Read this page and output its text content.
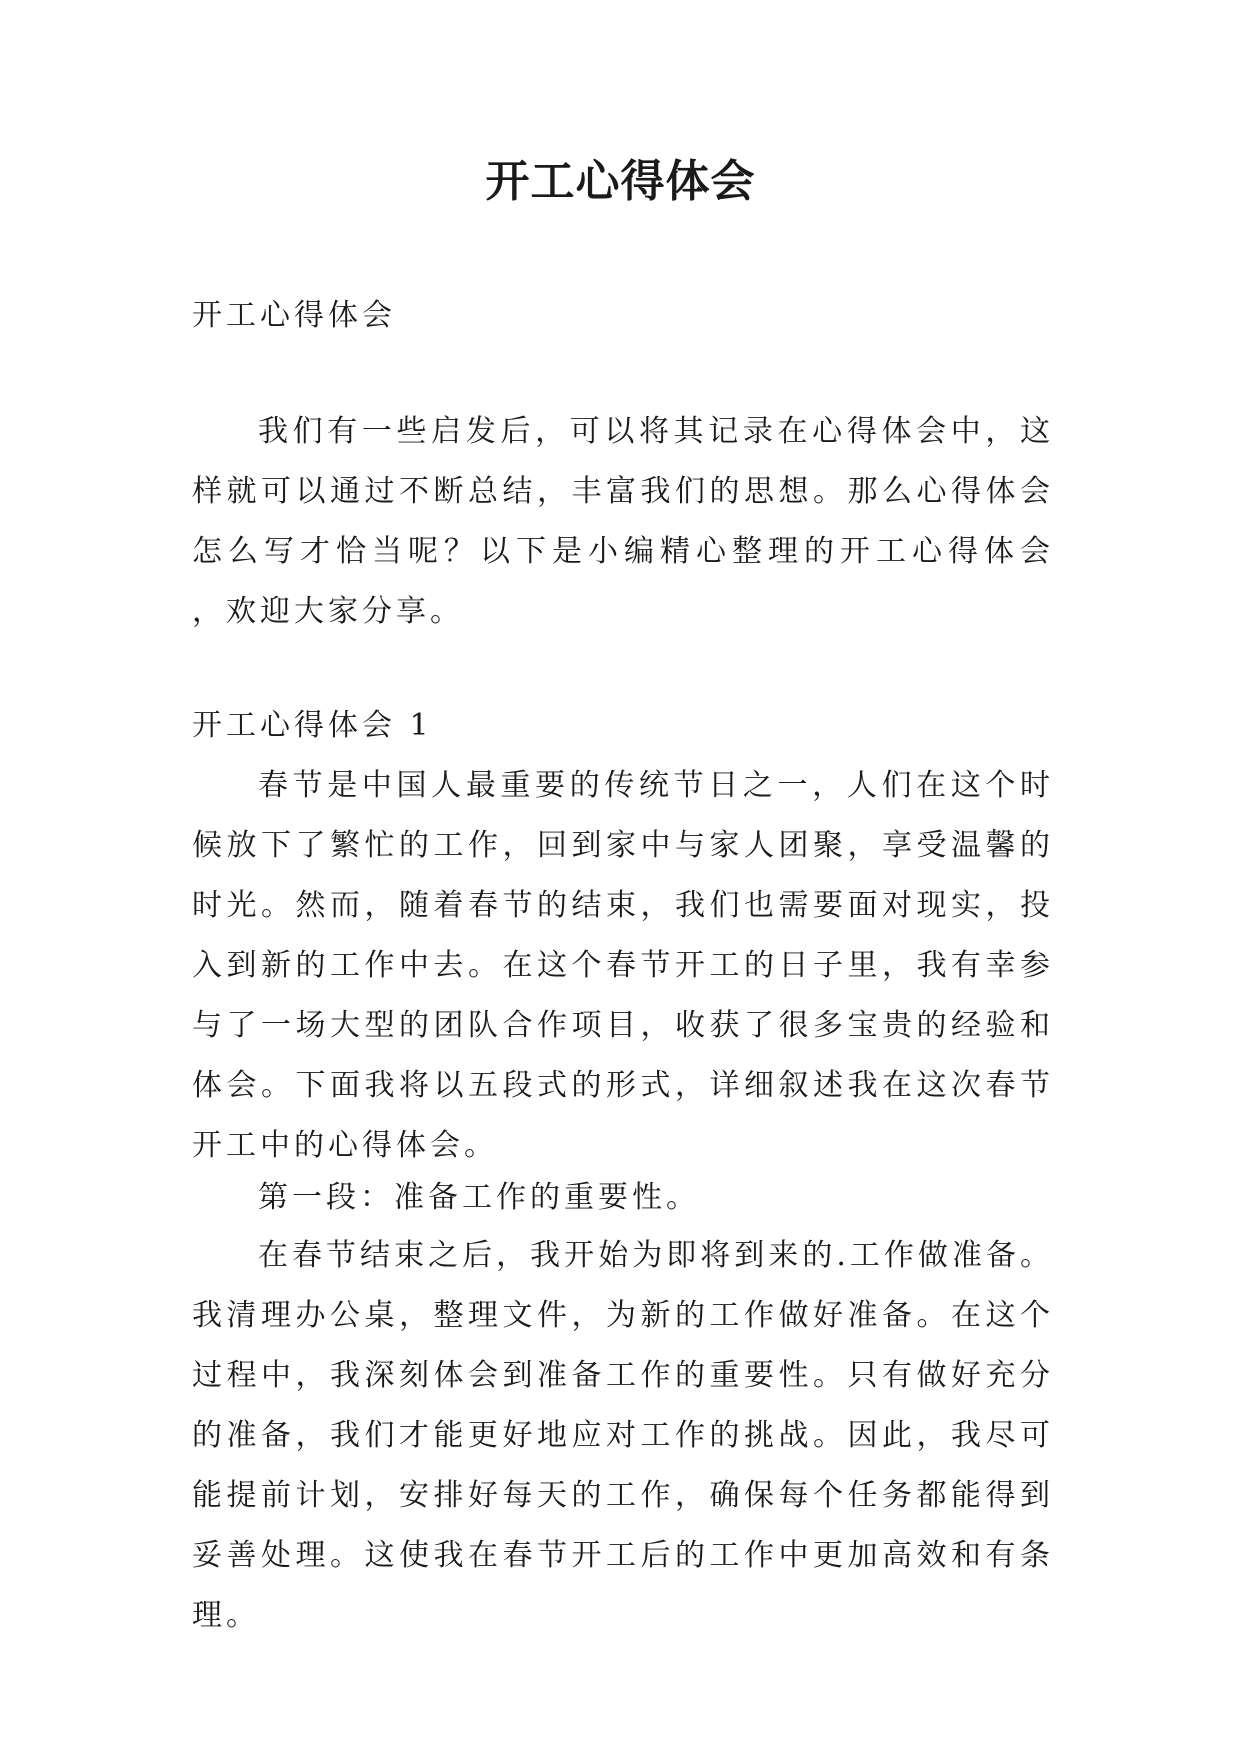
开工心得体会
开工心得体会
我们有一些启发后，可以将其记录在心得体会中，这样就可以通过不断总结，丰富我们的思想。那么心得体会怎么写才恰当呢？以下是小编精心整理的开工心得体会 ，欢迎大家分享。
开工心得体会 1
春节是中国人最重要的传统节日之一，人们在这个时候放下了繁忙的工作，回到家中与家人团聚，享受温馨的时光。然而，随着春节的结束，我们也需要面对现实，投入到新的工作中去。在这个春节开工的日子里，我有幸参与了一场大型的团队合作项目，收获了很多宝贵的经验和体会。下面我将以五段式的形式，详细叙述我在这次春节开工中的心得体会。
第一段：准备工作的重要性。
在春节结束之后，我开始为即将到来的.工作做准备。我清理办公桌，整理文件，为新的工作做好准备。在这个过程中，我深刻体会到准备工作的重要性。只有做好充分的准备，我们才能更好地应对工作的挑战。因此，我尽可能提前计划，安排好每天的工作，确保每个任务都能得到妥善处理。这使我在春节开工后的工作中更加高效和有条理。
